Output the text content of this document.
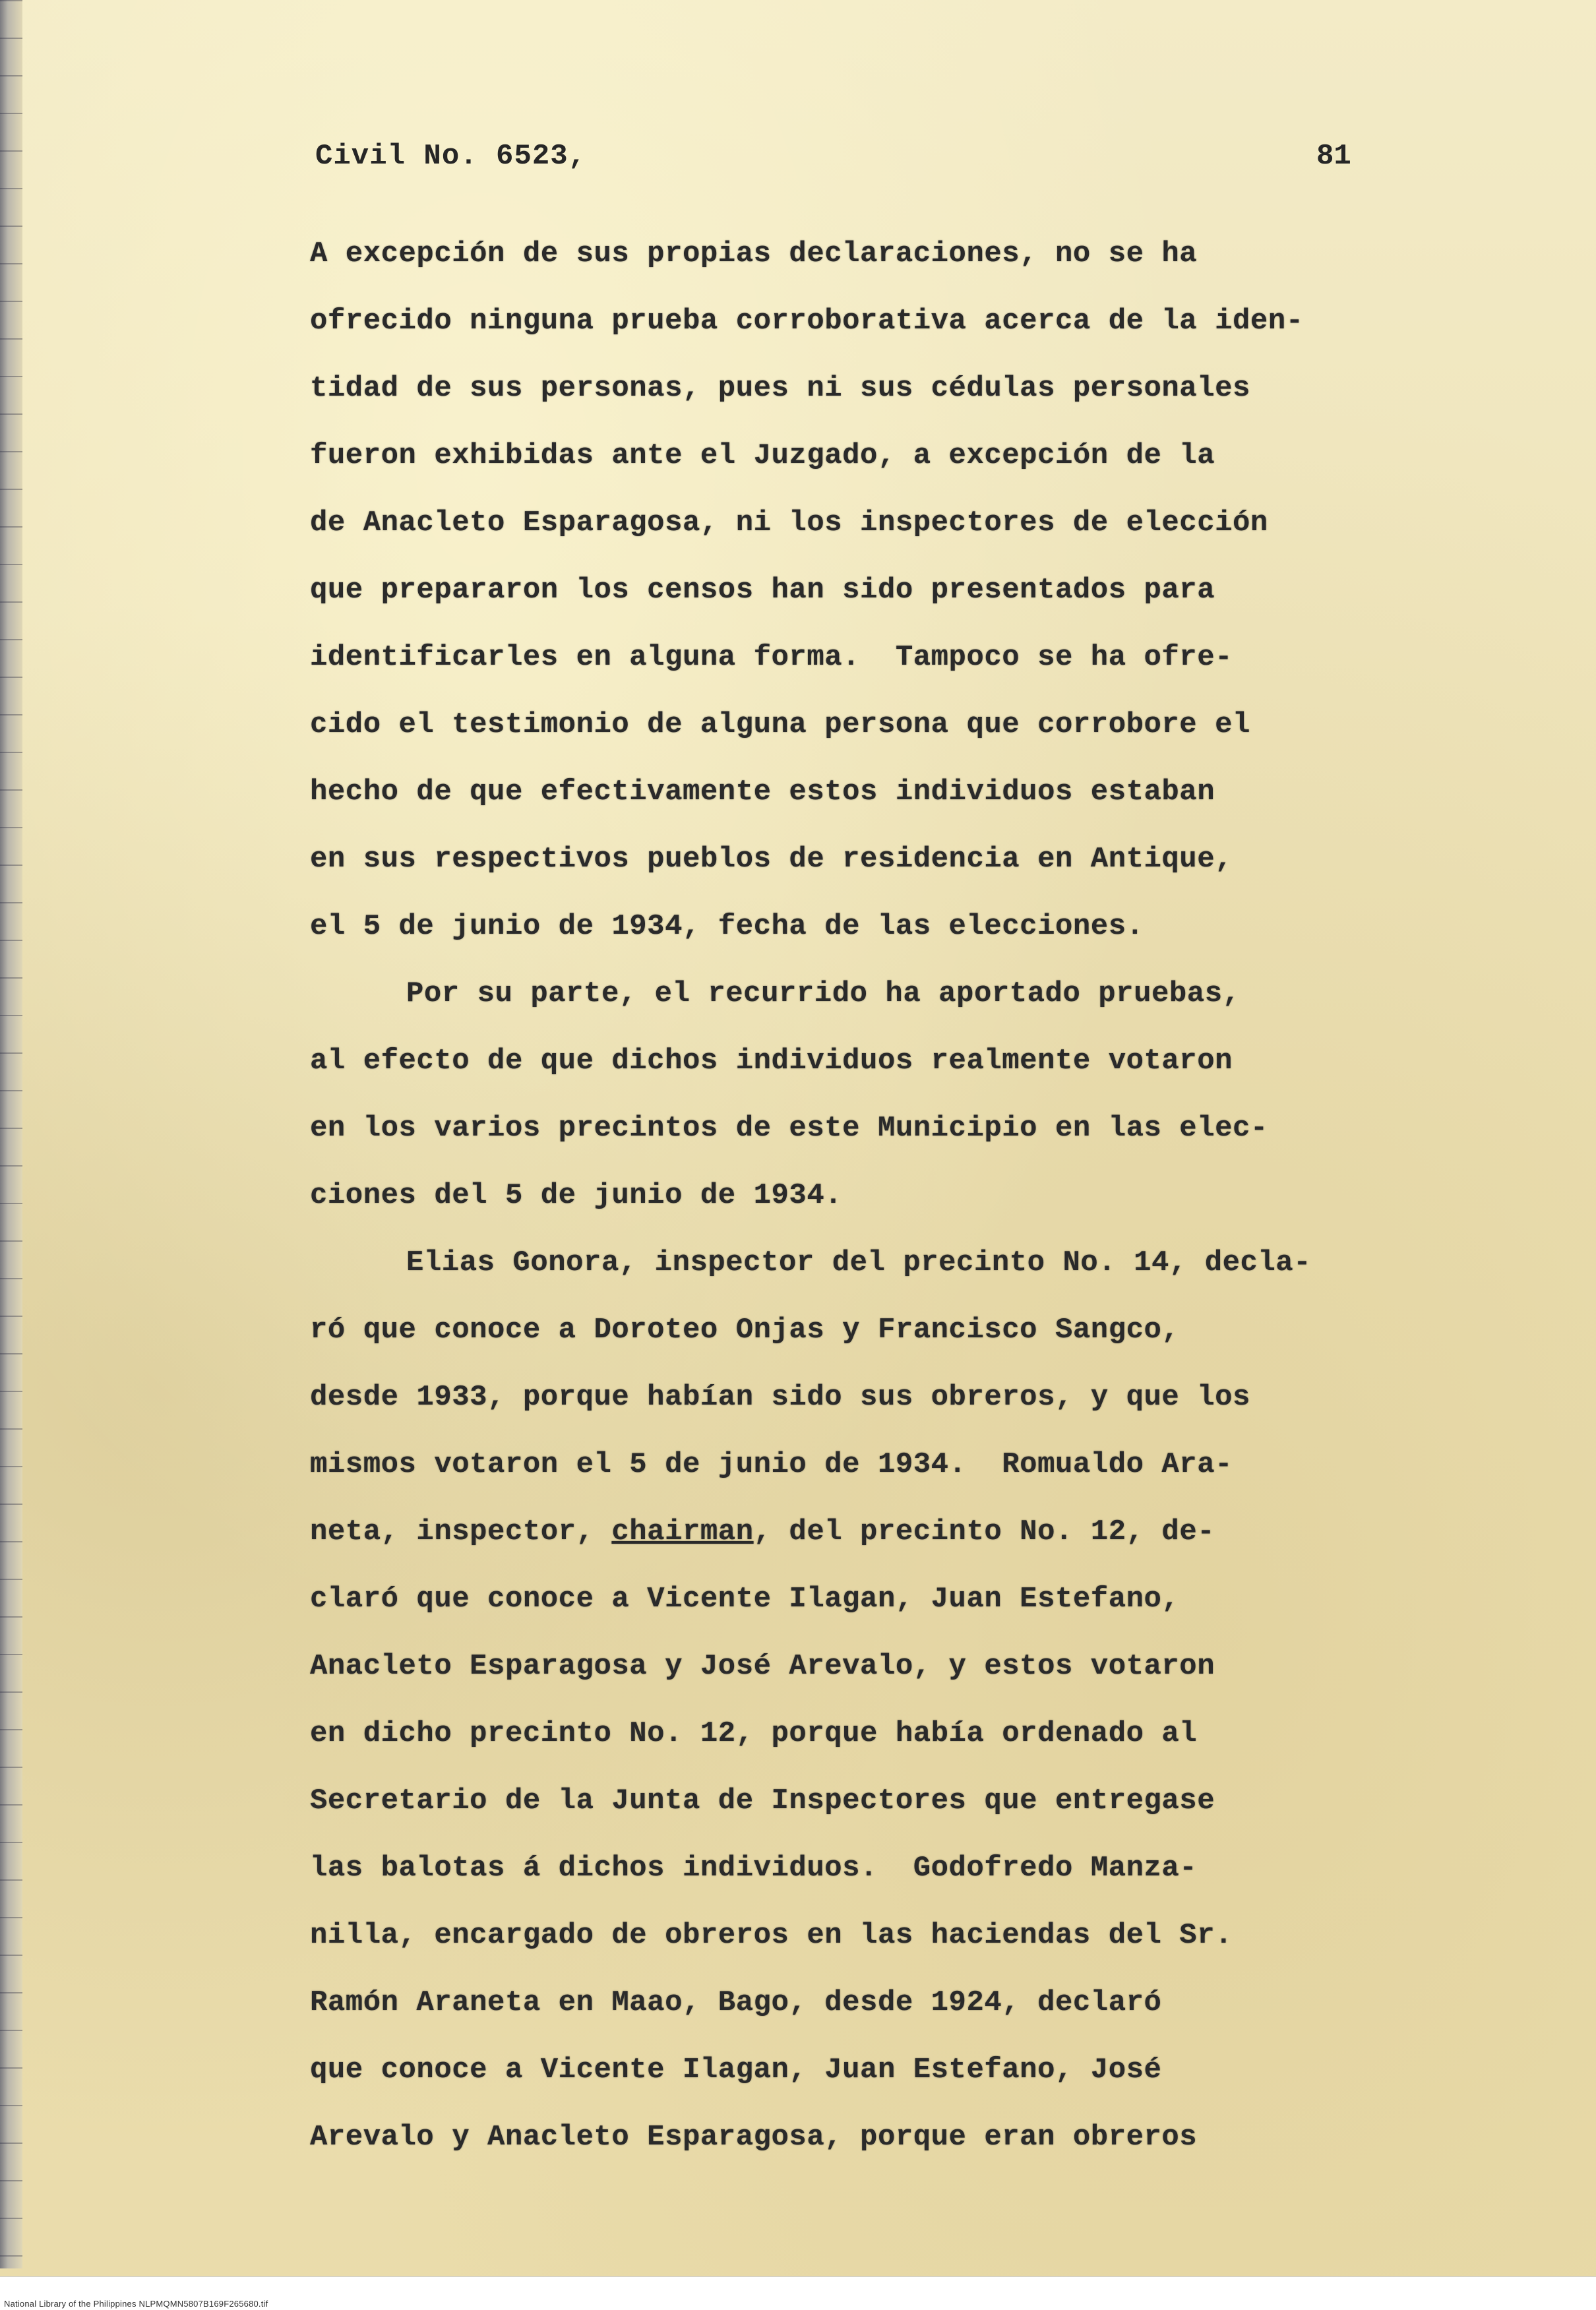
Civil No. 6523,	81
A excepción de sus propias declaraciones, no se ha
ofrecido ninguna prueba corroborativa acerca de la iden-
tidad de sus personas, pues ni sus cédulas personales
fueron exhibidas ante el Juzgado, a excepción de la
de Anacleto Esparagosa, ni los inspectores de elección
que prepararon los censos han sido presentados para
identificarles en alguna forma.  Tampoco se ha ofre-
cido el testimonio de alguna persona que corrobore el
hecho de que efectivamente estos individuos estaban
en sus respectivos pueblos de residencia en Antique,
el 5 de junio de 1934, fecha de las elecciones.
Por su parte, el recurrido ha aportado pruebas,
al efecto de que dichos individuos realmente votaron
en los varios precintos de este Municipio en las elec-
ciones del 5 de junio de 1934.
Elias Gonora, inspector del precinto No. 14, decla-
ró que conoce a Doroteo Onjas y Francisco Sangco,
desde 1933, porque habían sido sus obreros, y que los
mismos votaron el 5 de junio de 1934.  Romualdo Ara-
neta, inspector, chairman, del precinto No. 12, de-
claró que conoce a Vicente Ilagan, Juan Estefano,
Anacleto Esparagosa y José Arevalo, y estos votaron
en dicho precinto No. 12, porque había ordenado al
Secretario de la Junta de Inspectores que entregase
las balotas á dichos individuos.  Godofredo Manza-
nilla, encargado de obreros en las haciendas del Sr.
Ramón Araneta en Maao, Bago, desde 1924, declaró
que conoce a Vicente Ilagan, Juan Estefano, José
Arevalo y Anacleto Esparagosa, porque eran obreros
National Library of the Philippines NLPMQMN5807B169F265680.tif
